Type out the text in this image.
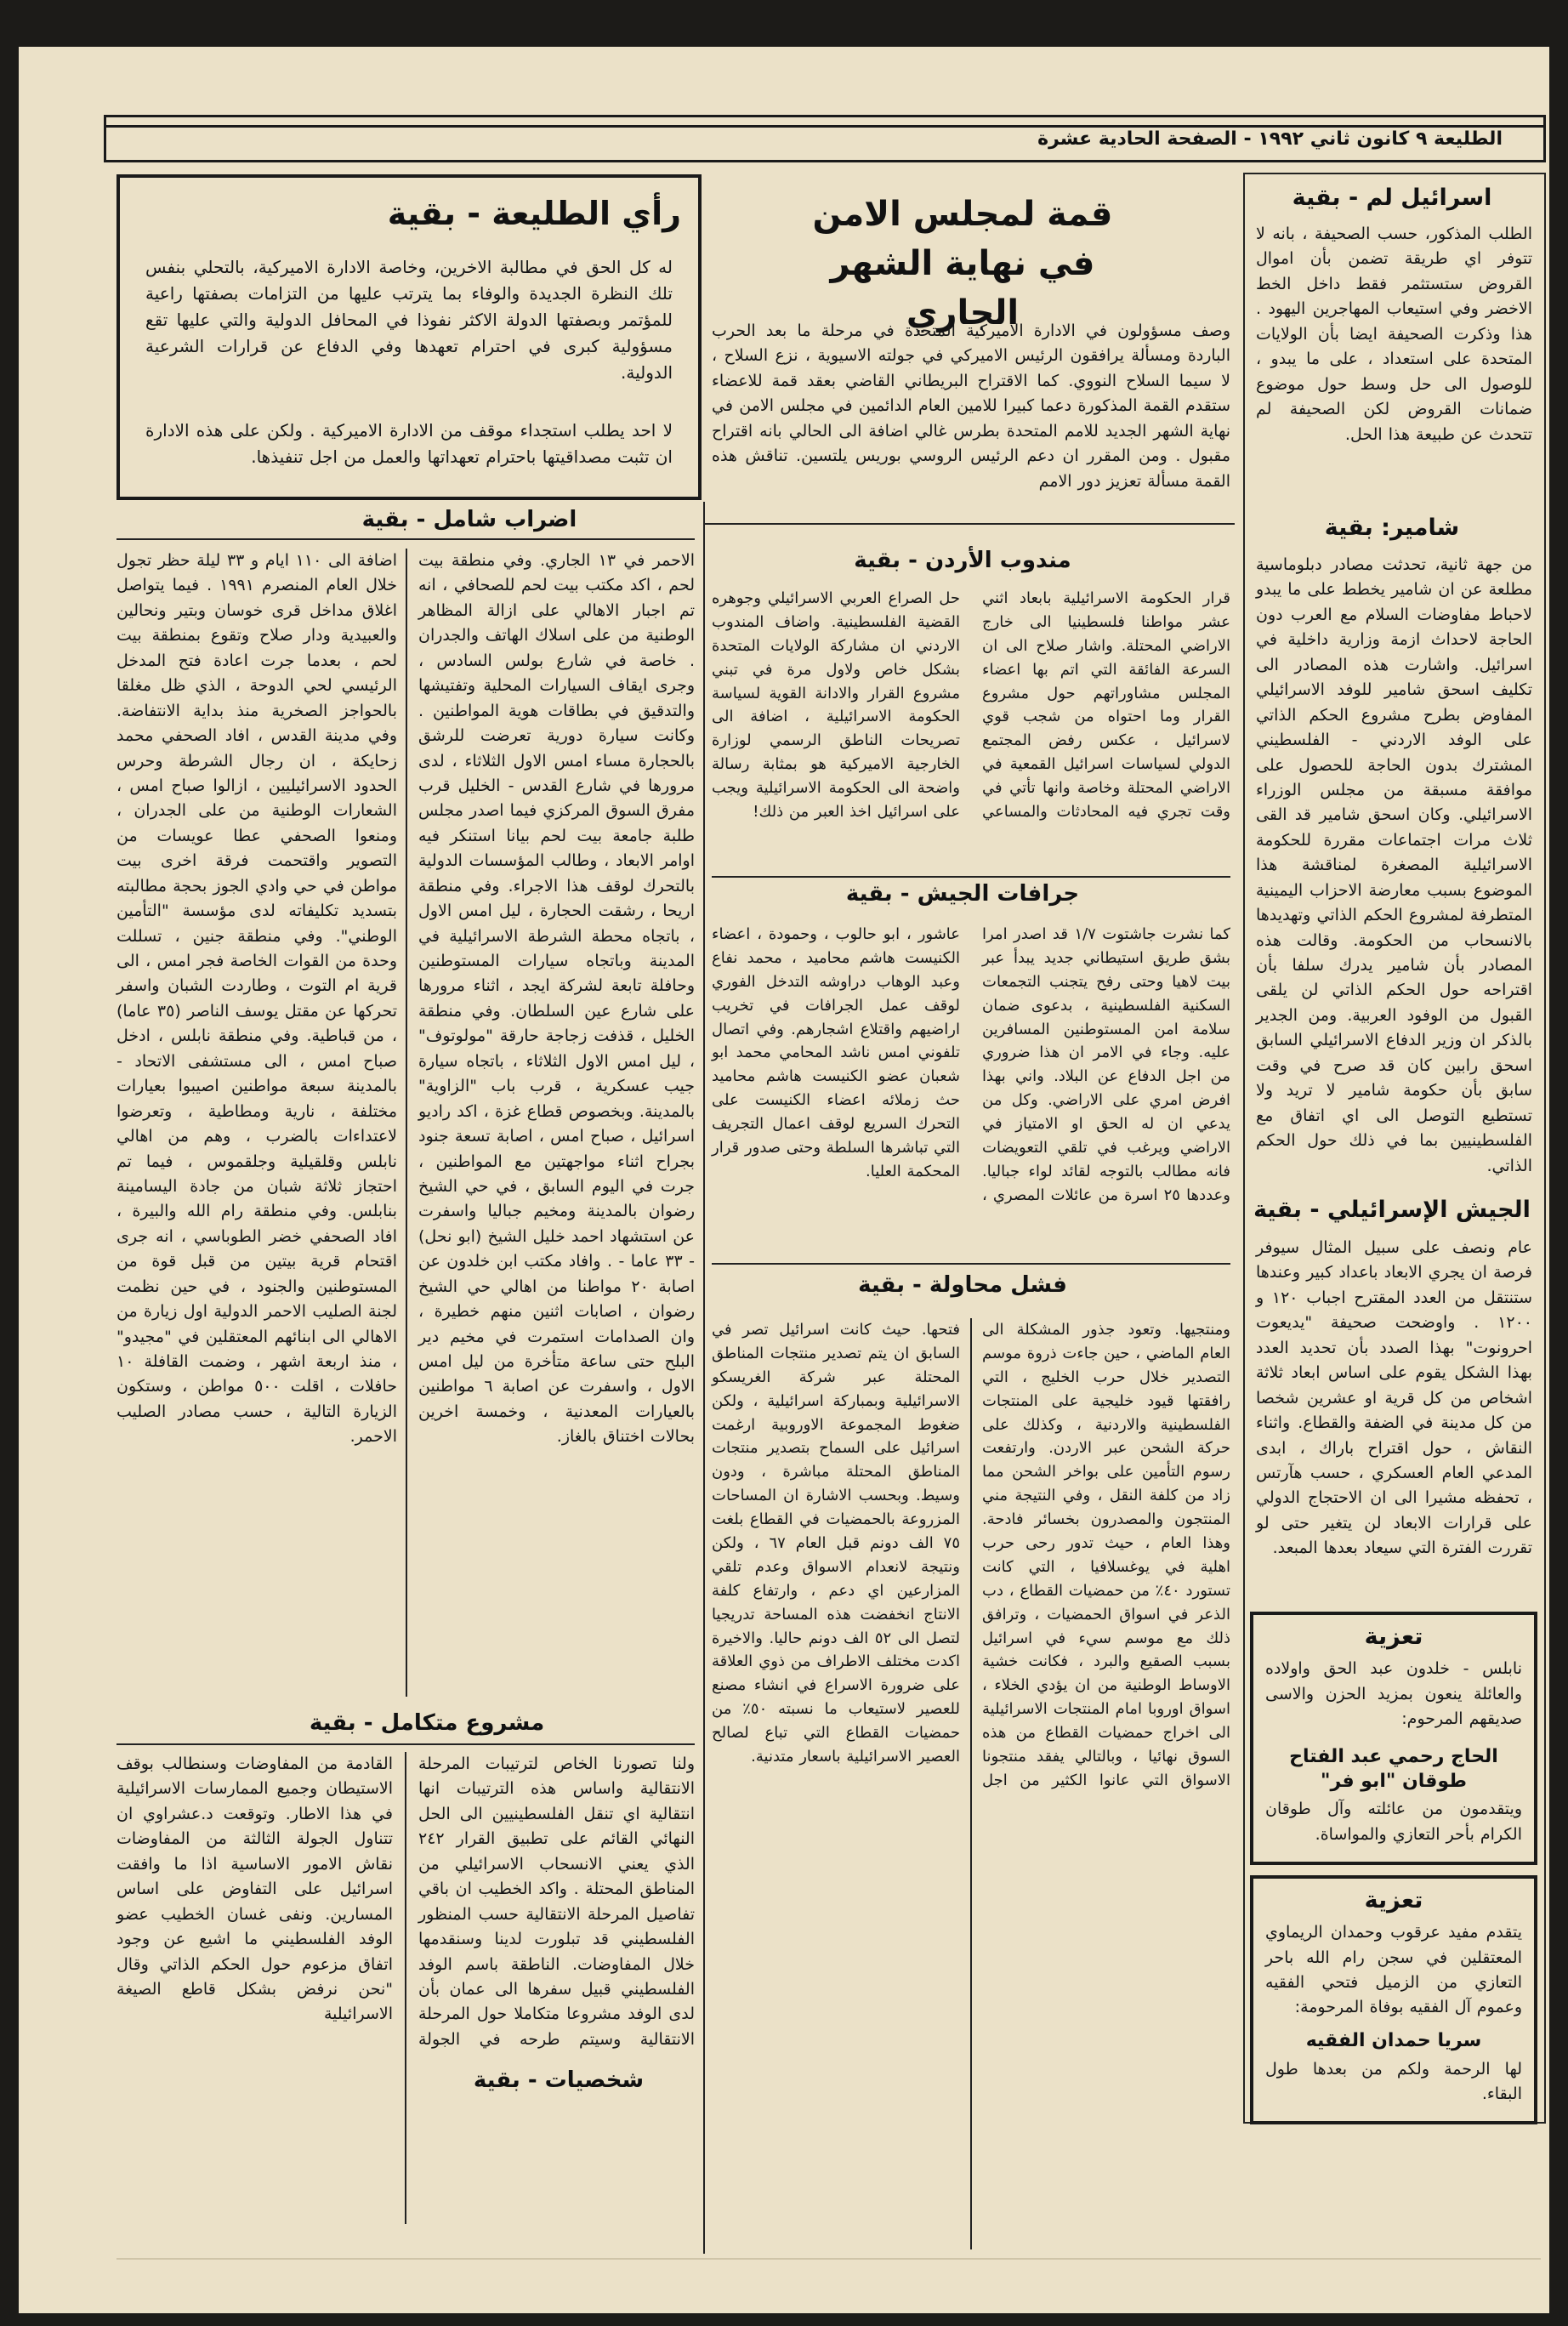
الطليعة ٩ كانون ثاني ١٩٩٢ - الصفحة الحادية عشرة
اسرائيل لم - بقية
الطلب المذكور، حسب الصحيفة ، بانه لا تتوفر اي طريقة تضمن بأن اموال القروض ستستثمر فقط داخل الخط الاخضر وفي استيعاب المهاجرين اليهود . هذا وذكرت الصحيفة ايضا بأن الولايات المتحدة على استعداد ، على ما يبدو ، للوصول الى حل وسط حول موضوع ضمانات القروض لكن الصحيفة لم تتحدث عن طبيعة هذا الحل.
شامير: بقية
من جهة ثانية، تحدثت مصادر دبلوماسية مطلعة عن ان شامير يخطط على ما يبدو لاحباط مفاوضات السلام مع العرب دون الحاجة لاحداث ازمة وزارية داخلية في اسرائيل. واشارت هذه المصادر الى تكليف اسحق شامير للوفد الاسرائيلي المفاوض بطرح مشروع الحكم الذاتي على الوفد الاردني - الفلسطيني المشترك بدون الحاجة للحصول على موافقة مسبقة من مجلس الوزراء الاسرائيلي. وكان اسحق شامير قد القى ثلاث مرات اجتماعات مقررة للحكومة الاسرائيلية المصغرة لمناقشة هذا الموضوع بسبب معارضة الاحزاب اليمينية المتطرفة لمشروع الحكم الذاتي وتهديدها بالانسحاب من الحكومة. وقالت هذه المصادر بأن شامير يدرك سلفا بأن اقتراحه حول الحكم الذاتي لن يلقى القبول من الوفود العربية. ومن الجدير بالذكر ان وزير الدفاع الاسرائيلي السابق اسحق رابين كان قد صرح في وقت سابق بأن حكومة شامير لا تريد ولا تستطيع التوصل الى اي اتفاق مع الفلسطينيين بما في ذلك حول الحكم الذاتي.
الجيش الإسرائيلي - بقية
عام ونصف على سبيل المثال سيوفر فرصة ان يجري الابعاد باعداد كبير وعندها ستنتقل من العدد المقترح اجباب ١٢٠ و ١٢٠٠ . واوضحت صحيفة "يديعوت احرونوت" بهذا الصدد بأن تحديد العدد بهذا الشكل يقوم على اساس ابعاد ثلاثة اشخاص من كل قرية او عشرين شخصا من كل مدينة في الضفة والقطاع. واثناء النقاش ، حول اقتراح باراك ، ابدى المدعي العام العسكري ، حسب هآرتس ، تحفظه مشيرا الى ان الاحتجاج الدولي على قرارات الابعاد لن يتغير حتى لو تقررت الفترة التي سيعاد بعدها المبعد.
تعزية
نابلس - خلدون عبد الحق واولاده والعائلة ينعون بمزيد الحزن والاسى صديقهم المرحوم:
الحاج رحمي عبد الفتاح طوقان "ابو فر"
ويتقدمون من عائلته وآل طوقان الكرام بأحر التعازي والمواساة.
تعزية
يتقدم مفيد عرقوب وحمدان الريماوي المعتقلين في سجن رام الله باحر التعازي من الزميل فتحي الفقيه وعموم آل الفقيه بوفاة المرحومة:
سريا حمدان الفقيه
لها الرحمة ولكم من بعدها طول البقاء.
رأي الطليعة - بقية
له كل الحق في مطالبة الاخرين، وخاصة الادارة الاميركية، بالتحلي بنفس تلك النظرة الجديدة والوفاء بما يترتب عليها من التزامات بصفتها راعية للمؤتمر وبصفتها الدولة الاكثر نفوذا في المحافل الدولية والتي عليها تقع مسؤولية كبرى في احترام تعهدها وفي الدفاع عن قرارات الشرعية الدولية.
لا احد يطلب استجداء موقف من الادارة الاميركية . ولكن على هذه الادارة ان تثبت مصداقيتها باحترام تعهداتها والعمل من اجل تنفيذها.
قمة لمجلس الامن في نهاية الشهر الجاري
وصف مسؤولون في الادارة الاميركية المتحدة في مرحلة ما بعد الحرب الباردة ومسألة يرافقون الرئيس الاميركي في جولته الاسيوية ، نزع السلاح ، لا سيما السلاح النووي. كما الاقتراح البريطاني القاضي بعقد قمة للاعضاء ستقدم القمة المذكورة دعما كبيرا للامين العام الدائمين في مجلس الامن في نهاية الشهر الجديد للامم المتحدة بطرس غالي اضافة الى الحالي بانه اقتراح مقبول . ومن المقرر ان دعم الرئيس الروسي بوريس يلتسين. تناقش هذه القمة مسألة تعزيز دور الامم
اضراب شامل - بقية
الاحمر في ١٣ الجاري. وفي منطقة بيت لحم ، اكد مكتب بيت لحم للصحافي ، انه تم اجبار الاهالي على ازالة المظاهر الوطنية من على اسلاك الهاتف والجدران . خاصة في شارع بولس السادس ، وجرى ايقاف السيارات المحلية وتفتيشها والتدقيق في بطاقات هوية المواطنين . وكانت سيارة دورية تعرضت للرشق بالحجارة مساء امس الاول الثلاثاء ، لدى مرورها في شارع القدس - الخليل قرب مفرق السوق المركزي فيما اصدر مجلس طلبة جامعة بيت لحم بيانا استنكر فيه اوامر الابعاد ، وطالب المؤسسات الدولية بالتحرك لوقف هذا الاجراء. وفي منطقة اريحا ، رشقت الحجارة ، ليل امس الاول ، باتجاه محطة الشرطة الاسرائيلية في المدينة وباتجاه سيارات المستوطنين وحافلة تابعة لشركة ايجد ، اثناء مرورها على شارع عين السلطان. وفي منطقة الخليل ، قذفت زجاجة حارقة "مولوتوف" ، ليل امس الاول الثلاثاء ، باتجاه سيارة جيب عسكرية ، قرب باب "الزاوية" بالمدينة. وبخصوص قطاع غزة ، اكد راديو اسرائيل ، صباح امس ، اصابة تسعة جنود بجراح اثناء مواجهتين مع المواطنين ، جرت في اليوم السابق ، في حي الشيخ رضوان بالمدينة ومخيم جباليا واسفرت عن استشهاد احمد خليل الشيخ (ابو نحل) - ٣٣ عاما - . وافاد مكتب ابن خلدون عن اصابة ٢٠ مواطنا من اهالي حي الشيخ رضوان ، اصابات اثنين منهم خطيرة ، وان الصدامات استمرت في مخيم دير البلح حتى ساعة متأخرة من ليل امس الاول ، واسفرت عن اصابة ٦ مواطنين بالعيارات المعدنية ، وخمسة اخرين بحالات اختناق بالغاز.
اضافة الى ١١٠ ايام و ٣٣ ليلة حظر تجول خلال العام المنصرم ١٩٩١ . فيما يتواصل اغلاق مداخل قرى خوسان وبتير ونحالين والعبيدية ودار صلاح وتقوع بمنطقة بيت لحم ، بعدما جرت اعادة فتح المدخل الرئيسي لحي الدوحة ، الذي ظل مغلقا بالحواجز الصخرية منذ بداية الانتفاضة. وفي مدينة القدس ، افاد الصحفي محمد زحايكة ، ان رجال الشرطة وحرس الحدود الاسرائيليين ، ازالوا صباح امس ، الشعارات الوطنية من على الجدران ، ومنعوا الصحفي عطا عويسات من التصوير واقتحمت فرقة اخرى بيت مواطن في حي وادي الجوز بحجة مطالبته بتسديد تكليفاته لدى مؤسسة "التأمين الوطني". وفي منطقة جنين ، تسللت وحدة من القوات الخاصة فجر امس ، الى قرية ام التوت ، وطاردت الشبان واسفر تحركها عن مقتل يوسف الناصر (٣٥ عاما) ، من قباطية. وفي منطقة نابلس ، ادخل صباح امس ، الى مستشفى الاتحاد - بالمدينة سبعة مواطنين اصيبوا بعيارات مختلفة ، نارية ومطاطية ، وتعرضوا لاعتداءات بالضرب ، وهم من اهالي نابلس وقلقيلية وجلقموس ، فيما تم احتجاز ثلاثة شبان من جادة اليسامينة بنابلس. وفي منطقة رام الله والبيرة ، افاد الصحفي خضر الطوباسي ، انه جرى اقتحام قرية بيتين من قبل قوة من المستوطنين والجنود ، في حين نظمت لجنة الصليب الاحمر الدولية اول زيارة من الاهالي الى ابنائهم المعتقلين في "مجيدو" ، منذ اربعة اشهر ، وضمت القافلة ١٠ حافلات ، اقلت ٥٠٠ مواطن ، وستكون الزيارة التالية ، حسب مصادر الصليب الاحمر.
مشروع متكامل - بقية
ولنا تصورنا الخاص لترتيبات المرحلة الانتقالية واساس هذه الترتيبات انها انتقالية اي تنقل الفلسطينيين الى الحل النهائي القائم على تطبيق القرار ٢٤٢ الذي يعني الانسحاب الاسرائيلي من المناطق المحتلة . واكد الخطيب ان باقي تفاصيل المرحلة الانتقالية حسب المنظور الفلسطيني قد تبلورت لدينا وسنقدمها خلال المفاوضات. الناطقة باسم الوفد الفلسطيني قبيل سفرها الى عمان بأن لدى الوفد مشروعا متكاملا حول المرحلة الانتقالية وسيتم طرحه في الجولة القادمة من المفاوضات وسنطالب بوقف الاستيطان وجميع الممارسات الاسرائيلية في هذا الاطار. وتوقعت د.عشراوي ان تتناول الجولة الثالثة من المفاوضات نقاش الامور الاساسية اذا ما وافقت اسرائيل على التفاوض على اساس المسارين. ونفى غسان الخطيب عضو الوفد الفلسطيني ما اشيع عن وجود اتفاق مزعوم حول الحكم الذاتي وقال "نحن نرفض بشكل قاطع الصيغة الاسرائيلية
شخصيات - بقية
مندوب الأردن - بقية
قرار الحكومة الاسرائيلية بابعاد اثني عشر مواطنا فلسطينيا الى خارج الاراضي المحتلة. واشار صلاح الى ان السرعة الفائقة التي اتم بها اعضاء المجلس مشاوراتهم حول مشروع القرار وما احتواه من شجب قوي لاسرائيل ، عكس رفض المجتمع الدولي لسياسات اسرائيل القمعية في الاراضي المحتلة وخاصة وانها تأتي في وقت تجري فيه المحادثات والمساعي حل الصراع العربي الاسرائيلي وجوهره القضية الفلسطينية. واضاف المندوب الاردني ان مشاركة الولايات المتحدة بشكل خاص ولاول مرة في تبني مشروع القرار والادانة القوية لسياسة الحكومة الاسرائيلية ، اضافة الى تصريحات الناطق الرسمي لوزارة الخارجية الاميركية هو بمثابة رسالة واضحة الى الحكومة الاسرائيلية ويجب على اسرائيل اخذ العبر من ذلك!
جرافات الجيش - بقية
كما نشرت جاشتوت ١/٧ قد اصدر امرا بشق طريق استيطاني جديد يبدأ عبر بيت لاهيا وحتى رفح يتجنب التجمعات السكنية الفلسطينية ، بدعوى ضمان سلامة امن المستوطنين المسافرين عليه. وجاء في الامر ان هذا ضروري من اجل الدفاع عن البلاد. واني بهذا افرض امري على الاراضي. وكل من يدعي ان له الحق او الامتياز في الاراضي ويرغب في تلقي التعويضات فانه مطالب بالتوجه لقائد لواء جباليا. وعددها ٢٥ اسرة من عائلات المصري ، عاشور ، ابو حالوب ، وحمودة ، اعضاء الكنيست هاشم محاميد ، محمد نفاع وعبد الوهاب دراوشه التدخل الفوري لوقف عمل الجرافات في تخريب اراضيهم واقتلاع اشجارهم. وفي اتصال تلفوني امس ناشد المحامي محمد ابو شعبان عضو الكنيست هاشم محاميد حث زملائه اعضاء الكنيست على التحرك السريع لوقف اعمال التجريف التي تباشرها السلطة وحتى صدور قرار المحكمة العليا.
فشل محاولة - بقية
ومنتجيها. وتعود جذور المشكلة الى العام الماضي ، حين جاءت ذروة موسم التصدير خلال حرب الخليج ، التي رافقتها قيود خليجية على المنتجات الفلسطينية والاردنية ، وكذلك على حركة الشحن عبر الاردن. وارتفعت رسوم التأمين على بواخر الشحن مما زاد من كلفة النقل ، وفي النتيجة مني المنتجون والمصدرون بخسائر فادحة. وهذا العام ، حيث تدور رحى حرب اهلية في يوغسلافيا ، التي كانت تستورد ٤٠٪ من حمضيات القطاع ، دب الذعر في اسواق الحمضيات ، وترافق ذلك مع موسم سيء في اسرائيل بسبب الصقيع والبرد ، فكانت خشية الاوساط الوطنية من ان يؤدي الخلاء ، اسواق اوروبا امام المنتجات الاسرائيلية الى اخراج حمضيات القطاع من هذه السوق نهائيا ، وبالتالي يفقد منتجونا الاسواق التي عانوا الكثير من اجل فتحها. حيث كانت اسرائيل تصر في السابق ان يتم تصدير منتجات المناطق المحتلة عبر شركة الغريسكو الاسرائيلية وبمباركة اسرائيلية ، ولكن ضغوط المجموعة الاوروبية ارغمت اسرائيل على السماح بتصدير منتجات المناطق المحتلة مباشرة ، ودون وسيط. وبحسب الاشارة ان المساحات المزروعة بالحمضيات في القطاع بلغت ٧٥ الف دونم قبل العام ٦٧ ، ولكن ونتيجة لانعدام الاسواق وعدم تلقي المزارعين اي دعم ، وارتفاع كلفة الانتاج انخفضت هذه المساحة تدريجيا لتصل الى ٥٢ الف دونم حاليا. والاخيرة اكدت مختلف الاطراف من ذوي العلاقة على ضرورة الاسراع في انشاء مصنع للعصير لاستيعاب ما نسبته ٥٠٪ من حمضيات القطاع التي تباع لصالح العصير الاسرائيلية باسعار متدنية.
